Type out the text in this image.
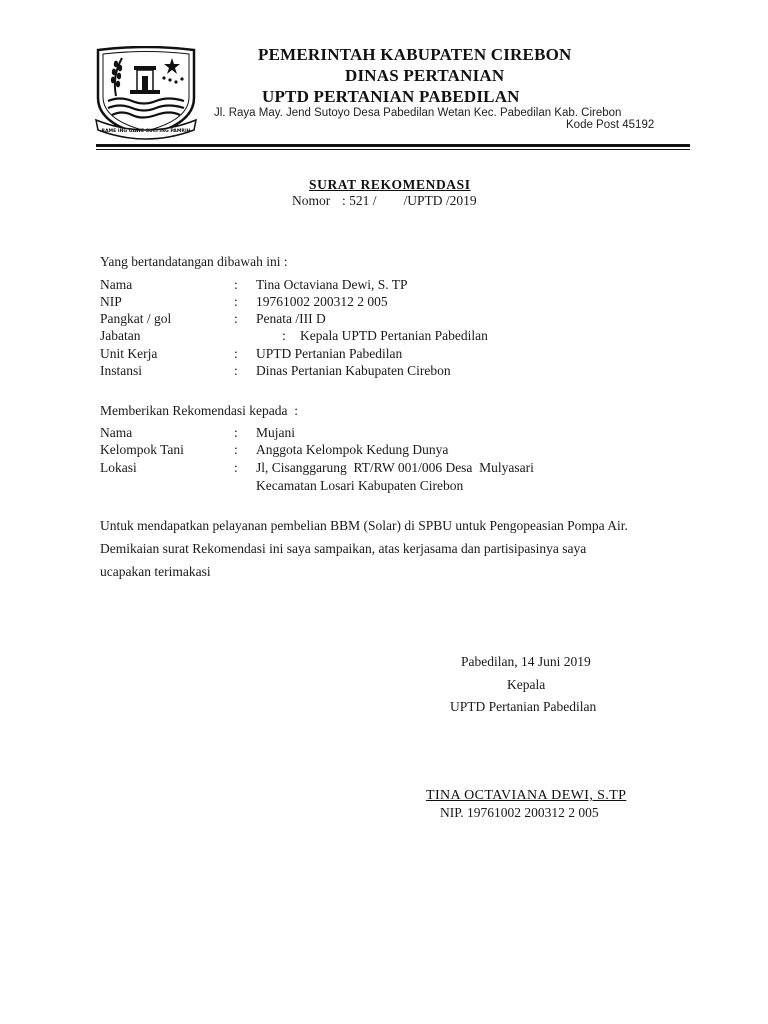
RAME ING GAWE SUCI ING PAMRIH
PEMERINTAH KABUPATEN CIREBON
DINAS PERTANIAN
UPTD PERTANIAN PABEDILAN
Jl. Raya May. Jend Sutoyo Desa Pabedilan Wetan Kec. Pabedilan Kab. Cirebon
Kode Post 45192
SURAT REKOMENDASI
Nomor : 521 /        /UPTD /2019
Yang bertandatangan dibawah ini :
Nama	: Tina Octaviana Dewi, S. TP
NIP	: 19761002 200312 2 005
Pangkat / gol	: Penata /III D
Jabatan	: Kepala UPTD Pertanian Pabedilan
Unit Kerja	: UPTD Pertanian Pabedilan
Instansi	: Dinas Pertanian Kabupaten Cirebon
Memberikan Rekomendasi kepada  :
Nama	: Mujani
Kelompok Tani	: Anggota Kelompok Kedung Dunya
Lokasi	: Jl, Cisanggarung  RT/RW 001/006 Desa  Mulyasari
Kecamatan Losari Kabupaten Cirebon
Untuk mendapatkan pelayanan pembelian BBM (Solar) di SPBU untuk Pengopeasian Pompa Air.
Demikaian surat Rekomendasi ini saya sampaikan, atas kerjasama dan partisipasinya saya
ucapakan terimakasi
Pabedilan, 14 Juni 2019
Kepala
UPTD Pertanian Pabedilan
TINA OCTAVIANA DEWI, S.TP
NIP. 19761002 200312 2 005
